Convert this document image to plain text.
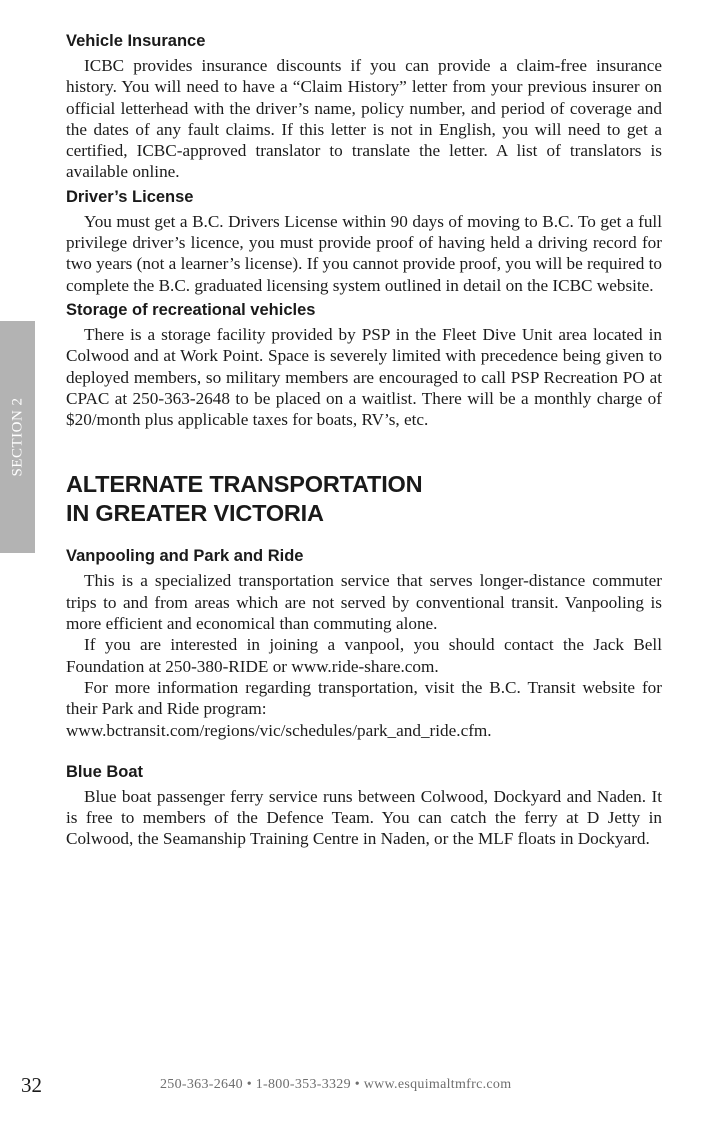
SECTION 2
Vehicle Insurance

ICBC provides insurance discounts if you can provide a claim-free insurance history. You will need to have a “Claim History” letter from your previous insurer on official letterhead with the driver’s name, policy number, and period of coverage and the dates of any fault claims. If this letter is not in English, you will need to get a certified, ICBC-approved translator to translate the letter. A list of translators is available online.

Driver’s License

You must get a B.C. Drivers License within 90 days of moving to B.C. To get a full privilege driver’s licence, you must provide proof of having held a driving record for two years (not a learner’s license). If you cannot provide proof, you will be required to complete the B.C. graduated licensing system outlined in detail on the ICBC website.

Storage of recreational vehicles

There is a storage facility provided by PSP in the Fleet Dive Unit area located in Colwood and at Work Point. Space is severely limited with precedence being given to deployed members, so military members are encouraged to call PSP Recreation PO at CPAC at 250-363-2648 to be placed on a waitlist. There will be a monthly charge of $20/month plus applicable taxes for boats, RV’s, etc.

ALTERNATE TRANSPORTATION
IN GREATER VICTORIA
Vanpooling and Park and Ride

This is a specialized transportation service that serves longer-distance commuter trips to and from areas which are not served by conventional transit. Vanpooling is more efficient and economical than commuting alone.

If you are interested in joining a vanpool, you should contact the Jack Bell Foundation at 250-380-RIDE or www.ride-share.com.

For more information regarding transportation, visit the B.C. Transit website for their Park and Ride program:

www.bctransit.com/regions/vic/schedules/park_and_ride.cfm.
Blue Boat

Blue boat passenger ferry service runs between Colwood, Dockyard and Naden. It is free to members of the Defence Team. You can catch the ferry at D Jetty in Colwood, the Seamanship Training Centre in Naden, or the MLF floats in Dockyard.

32	250-363-2640 • 1-800-353-3329 • www.esquimaltmfrc.com
